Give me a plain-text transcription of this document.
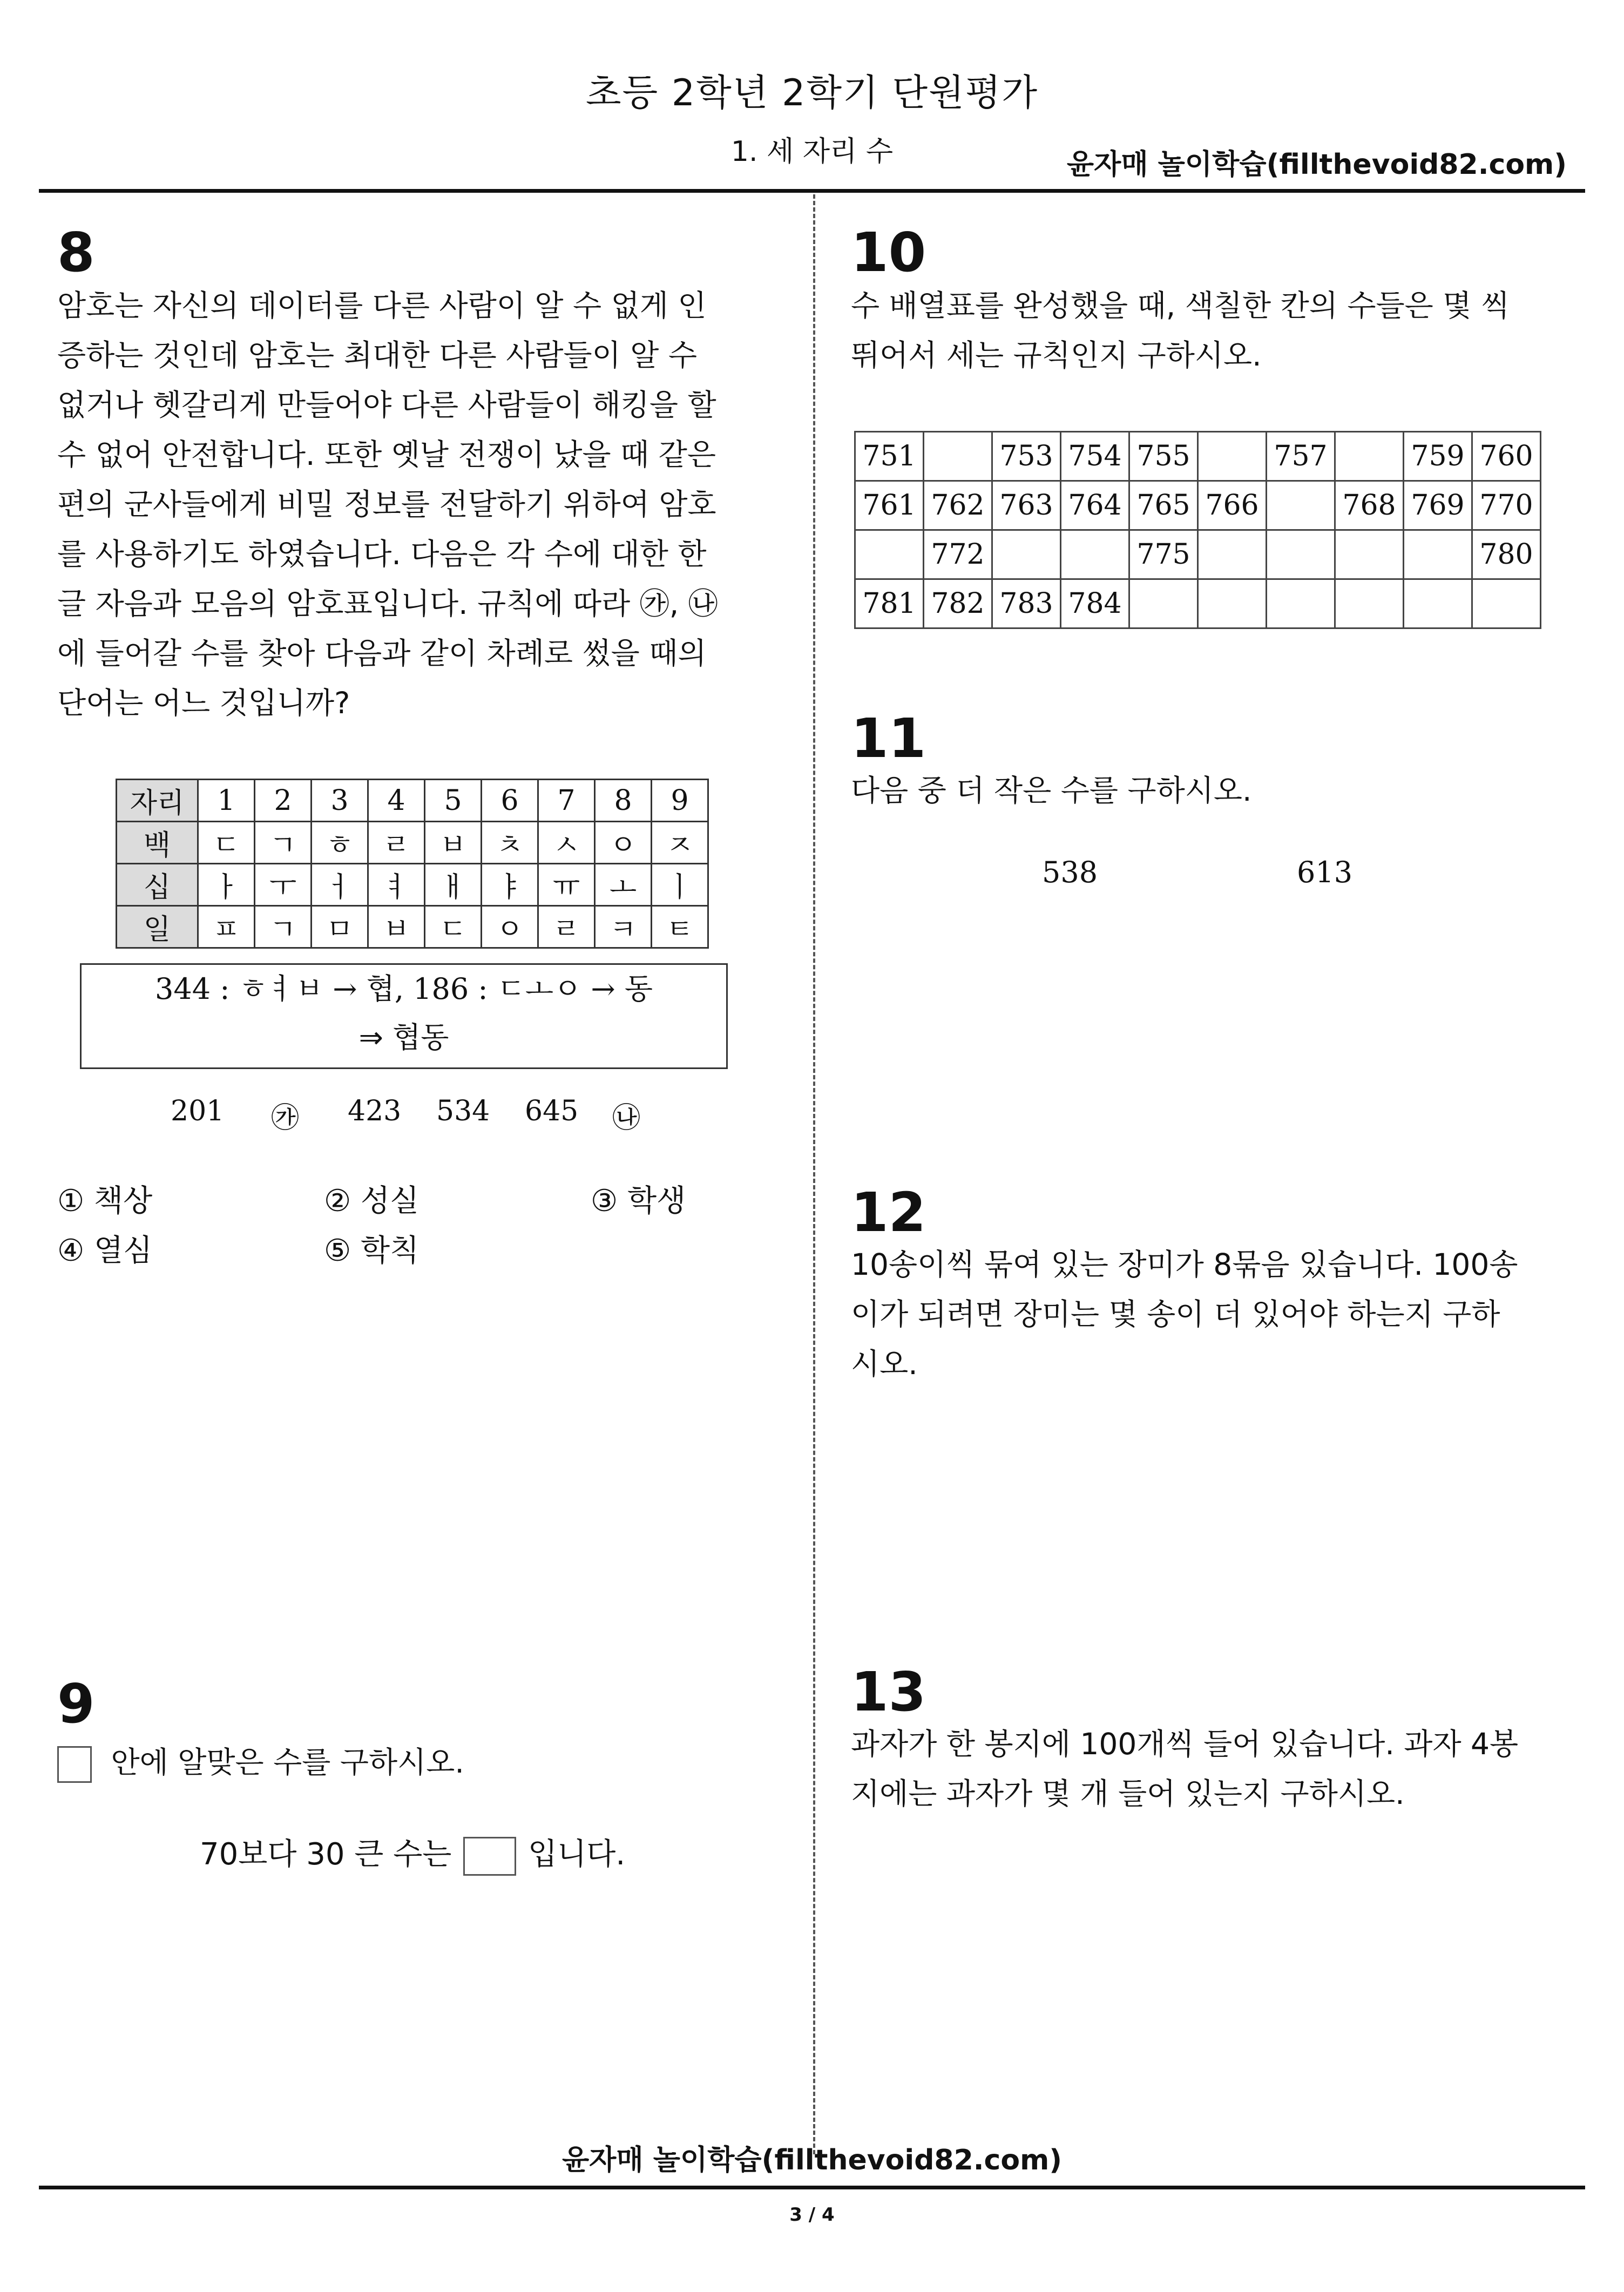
초등 2학년 2학기 단원평가
1. 세 자리 수	윤자매 놀이학습(fillthevoid82.com)
8

암호는 자신의 데이터를 다른 사람이 알 수 없게 인

증하는 것인데 암호는 최대한 다른 사람들이 알 수

없거나 헷갈리게 만들어야 다른 사람들이 해킹을 할

수 없어 안전합니다. 또한 옛날 전쟁이 났을 때 같은

편의 군사들에게 비밀 정보를 전달하기 위하여 암호

를 사용하기도 하였습니다. 다음은 각 수에 대한 한

글 자음과 모음의 암호표입니다. 규칙에 따라 ㉮, ㉯

에 들어갈 수를 찾아 다음과 같이 차례로 썼을 때의

단어는 어느 것입니까?

자리	1	2	3	4	5	6	7	8	9
백	ㄷ	ㄱ	ㅎ	ㄹ	ㅂ	ㅊ	ㅅ	ㅇ	ㅈ
십	ㅏ	ㅜ	ㅓ	ㅕ	ㅐ	ㅑ	ㅠ	ㅗ	ㅣ
일	ㅍ	ㄱ	ㅁ	ㅂ	ㄷ	ㅇ	ㄹ	ㅋ	ㅌ
344 : ㅎㅕㅂ → 협, 186 : ㄷㅗㅇ → 동
⇒ 협동
201 ㉮ 423 534 645 ㉯
① 책상	② 성실	③ 학생
④ 열심	⑤ 학칙
9
안에 알맞은 수를 구하시오.
70보다 30 큰 수는	입니다.
10

수 배열표를 완성했을 때, 색칠한 칸의 수들은 몇 씩

뛰어서 세는 규칙인지 구하시오.

751		753	754	755		757		759	760
761	762	763	764	765	766		768	769	770
	772			775					780
781	782	783	784						
11
다음 중 더 작은 수를 구하시오.
538	613
12

10송이씩 묶여 있는 장미가 8묶음 있습니다. 100송

이가 되려면 장미는 몇 송이 더 있어야 하는지 구하

시오.

13

과자가 한 봉지에 100개씩 들어 있습니다. 과자 4봉

지에는 과자가 몇 개 들어 있는지 구하시오.

윤자매 놀이학습(fillthevoid82.com)
3 / 4
